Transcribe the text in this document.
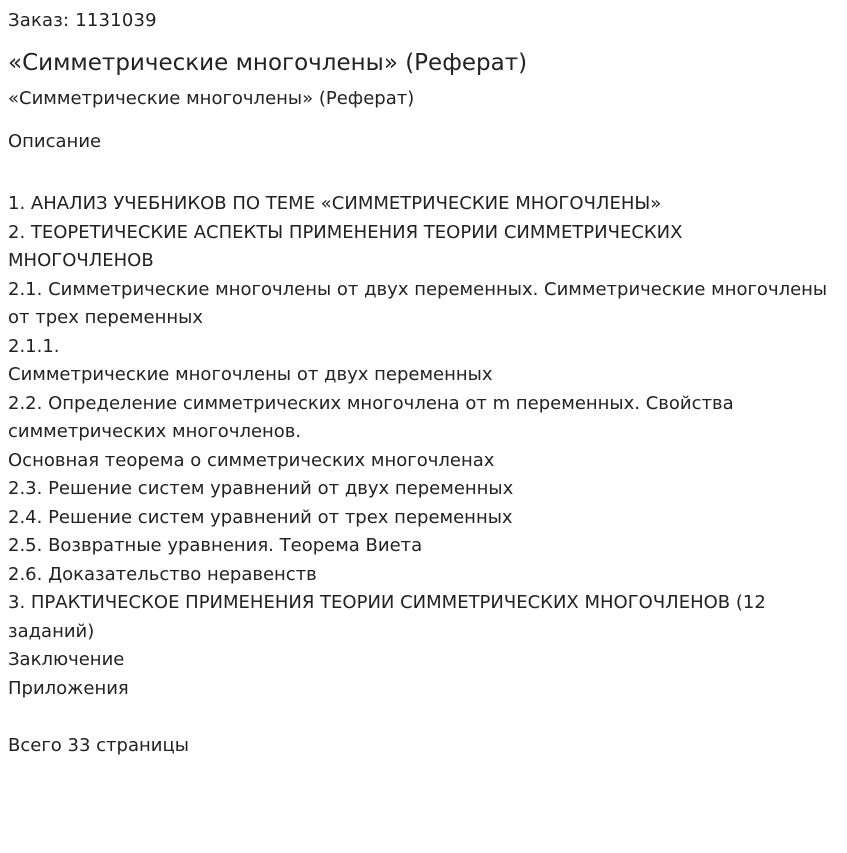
Заказ: 1131039
«Симметрические многочлены» (Реферат)
«Симметрические многочлены» (Реферат)
Описание
1. АНАЛИЗ УЧЕБНИКОВ ПО ТЕМЕ «СИММЕТРИЧЕСКИЕ МНОГОЧЛЕНЫ»
2. ТЕОРЕТИЧЕСКИЕ АСПЕКТЫ ПРИМЕНЕНИЯ ТЕОРИИ СИММЕТРИЧЕСКИХ МНОГОЧЛЕНОВ
2.1. Симметрические многочлены от двух переменных. Симметрические многочлены от трех переменных
2.1.1.
Симметрические многочлены от двух переменных
2.2. Определение симметрических многочлена от m переменных. Свойства симметрических многочленов.
Основная теорема о симметрических многочленах
2.3. Решение систем уравнений от двух переменных
2.4. Решение систем уравнений от трех переменных
2.5. Возвратные уравнения. Теорема Виета
2.6. Доказательство неравенств
3. ПРАКТИЧЕСКОЕ ПРИМЕНЕНИЯ ТЕОРИИ СИММЕТРИЧЕСКИХ МНОГОЧЛЕНОВ (12 заданий)
Заключение
Приложения
Всего 33 страницы
